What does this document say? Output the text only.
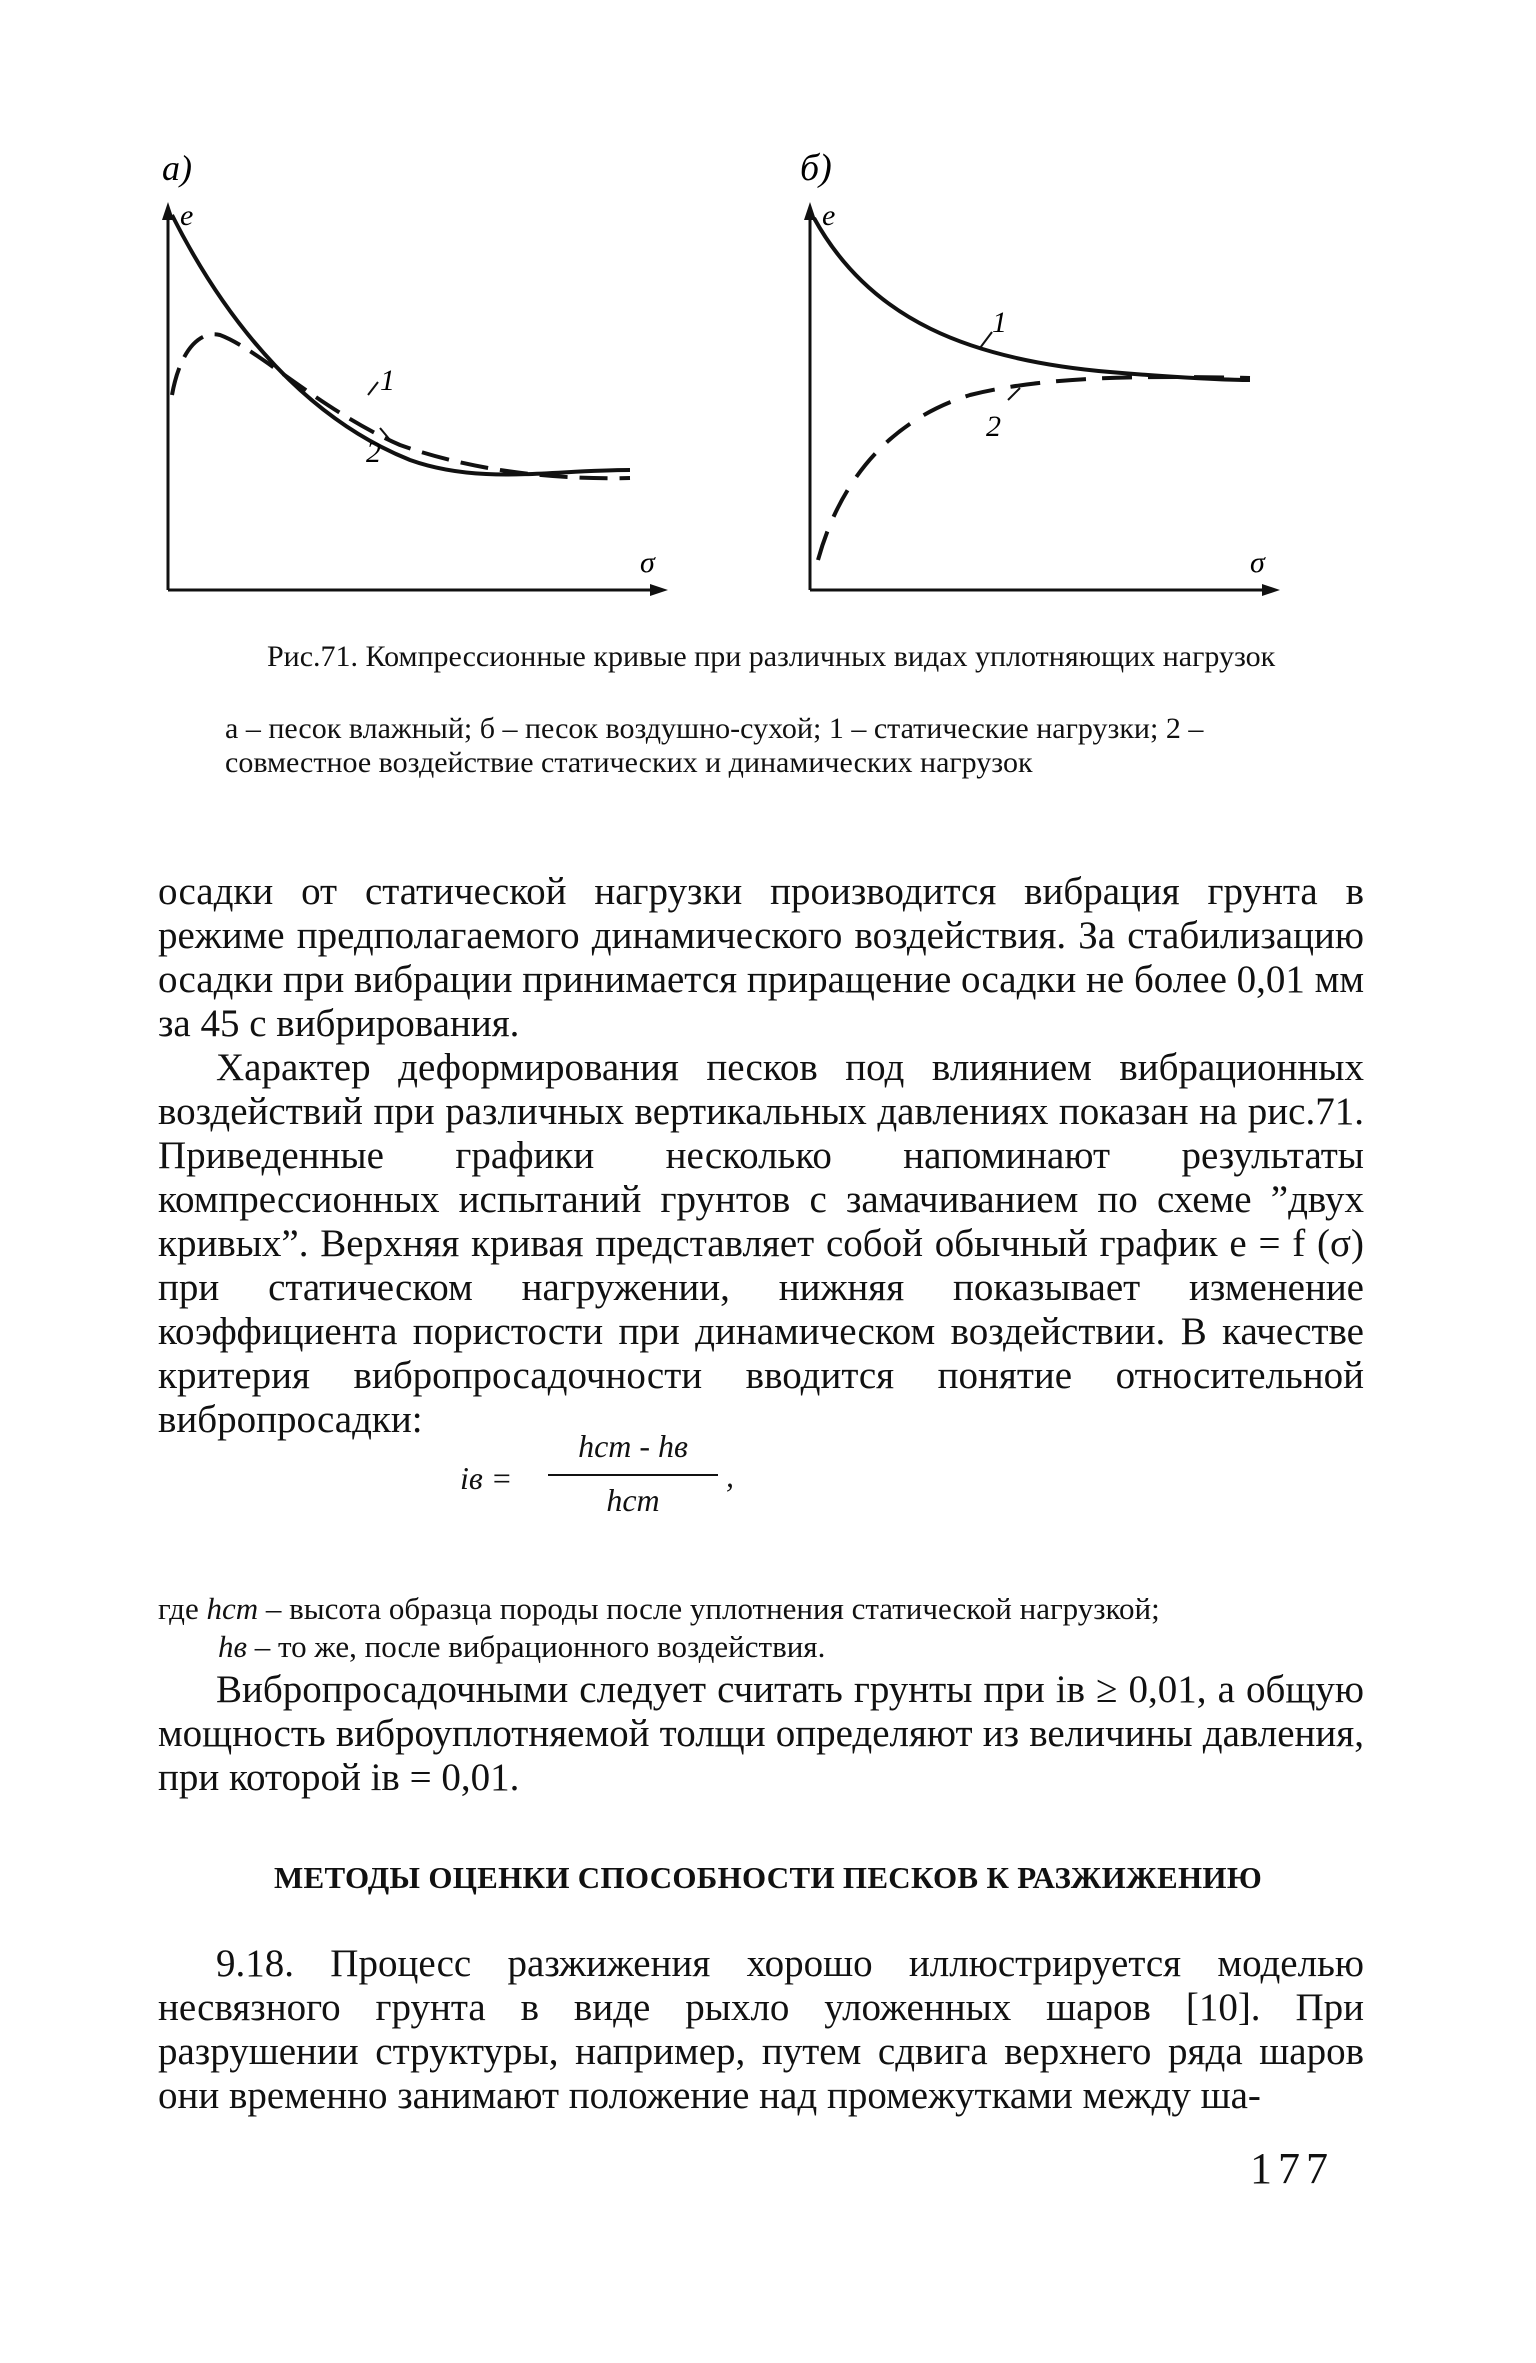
а)
e
σ
1
2
б)
e
σ
1
2
Рис.71. Компрессионные кривые при различных видах уплотняющих нагрузок
а – песок влажный; б – песок воздушно-сухой; 1 – статические нагрузки; 2 – совместное воздействие статических и динамических нагрузок
осадки от статической нагрузки производится вибрация грунта в режиме предполагаемого динамического воздействия. За стабилизацию осадки при вибрации принимается приращение осадки не более 0,01 мм за 45 с вибрирования.
Характер деформирования песков под влиянием вибрационных воздействий при различных вертикальных давлениях показан на рис.71. Приведенные графики несколько напоминают результаты компрессионных испытаний грунтов с замачиванием по схеме ”двух кривых”. Верхняя кривая представляет собой обычный график e = f (σ) при статическом нагружении, нижняя показывает изменение коэффициента пористости при динамическом воздействии. В качестве критерия вибропросадочности вводится понятие относительной вибропросадки:
iв =
hст - hв
hст
,
где hст – высота образца породы после уплотнения статической нагрузкой;
hв – то же, после вибрационного воздействия.
Вибропросадочными следует считать грунты при iв ≥ 0,01, а общую мощность виброуплотняемой толщи определяют из величины давления, при которой iв = 0,01.
МЕТОДЫ ОЦЕНКИ СПОСОБНОСТИ ПЕСКОВ К РАЗЖИЖЕНИЮ
9.18. Процесс разжижения хорошо иллюстрируется моделью несвязного грунта в виде рыхло уложенных шаров [10]. При разрушении структуры, например, путем сдвига верхнего ряда шаров они временно занимают положение над промежутками между ша-
177
